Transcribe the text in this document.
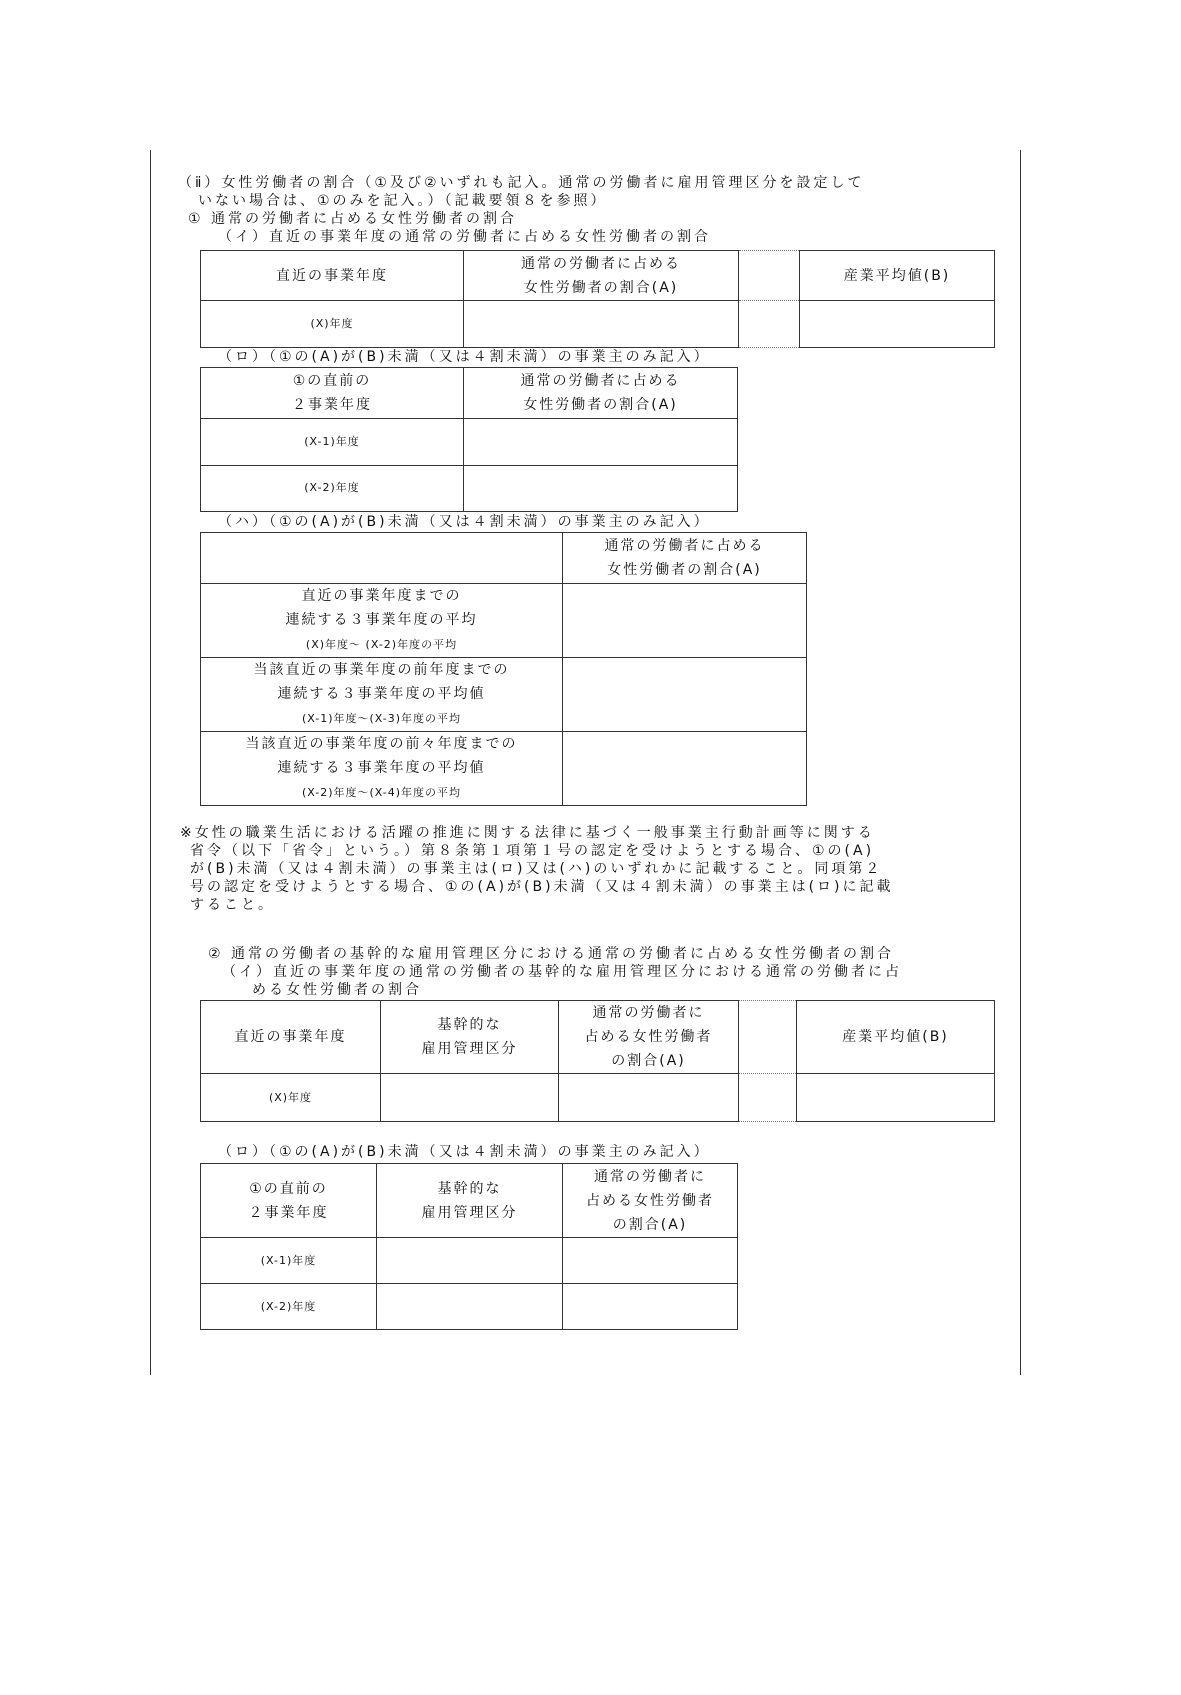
（ⅱ）女性労働者の割合（①及び②いずれも記入。通常の労働者に雇用管理区分を設定して
いない場合は、①のみを記入。）（記載要領８を参照）
① 通常の労働者に占める女性労働者の割合
（イ）直近の事業年度の通常の労働者に占める女性労働者の割合
直近の事業年度	通常の労働者に占める
女性労働者の割合(A)		産業平均値(B)
(X)年度			
（ロ）（①の(A)が(B)未満（又は４割未満）の事業主のみ記入）
①の直前の
２事業年度	通常の労働者に占める
女性労働者の割合(A)
(X-1)年度	
(X-2)年度	
（ハ）（①の(A)が(B)未満（又は４割未満）の事業主のみ記入）
	通常の労働者に占める
女性労働者の割合(A)
直近の事業年度までの
連続する３事業年度の平均
(X)年度～ (X-2)年度の平均	
当該直近の事業年度の前年度までの
連続する３事業年度の平均値
(X-1)年度～(X-3)年度の平均	
当該直近の事業年度の前々年度までの
連続する３事業年度の平均値
(X-2)年度～(X-4)年度の平均	
※女性の職業生活における活躍の推進に関する法律に基づく一般事業主行動計画等に関する
省令（以下「省令」という。）第８条第１項第１号の認定を受けようとする場合、①の(A)
が(B)未満（又は４割未満）の事業主は(ロ)又は(ハ)のいずれかに記載すること。同項第２
号の認定を受けようとする場合、①の(A)が(B)未満（又は４割未満）の事業主は(ロ)に記載
すること。
② 通常の労働者の基幹的な雇用管理区分における通常の労働者に占める女性労働者の割合
（イ）直近の事業年度の通常の労働者の基幹的な雇用管理区分における通常の労働者に占
める女性労働者の割合
直近の事業年度	基幹的な
雇用管理区分	通常の労働者に
占める女性労働者
の割合(A)		産業平均値(B)
(X)年度				
（ロ）（①の(A)が(B)未満（又は４割未満）の事業主のみ記入）
①の直前の
２事業年度	基幹的な
雇用管理区分	通常の労働者に
占める女性労働者
の割合(A)
(X-1)年度		
(X-2)年度		
